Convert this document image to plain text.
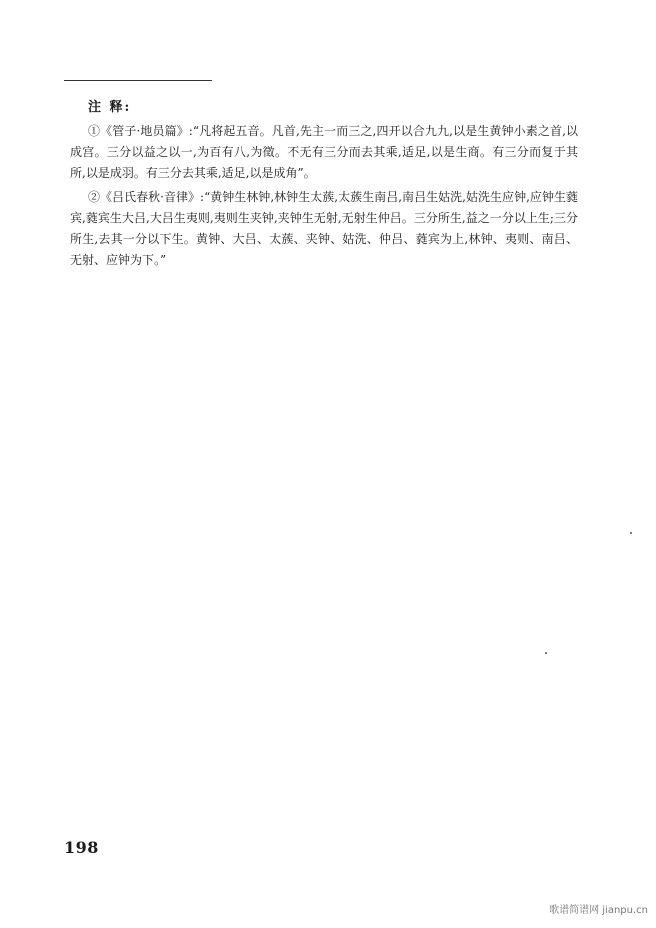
注 释:

①《管子·地员篇》:“凡将起五音。凡首,先主一而三之,四开以合九九,以是生黄钟小素之首,以成宫。三分以益之以一,为百有八,为徵。不无有三分而去其乘,适足,以是生商。有三分而复于其所,以是成羽。有三分去其乘,适足,以是成角”。

②《吕氏春秋·音律》:“黄钟生林钟,林钟生太蔟,太蔟生南吕,南吕生姑洗,姑洗生应钟,应钟生蕤宾,蕤宾生大吕,大吕生夷则,夷则生夹钟,夹钟生无射,无射生仲吕。三分所生,益之一分以上生;三分所生,去其一分以下生。黄钟、大吕、太蔟、夹钟、姑洗、仲吕、蕤宾为上,林钟、夷则、南吕、无射、应钟为下。”

198
歌谱简谱网 jianpu.cn
